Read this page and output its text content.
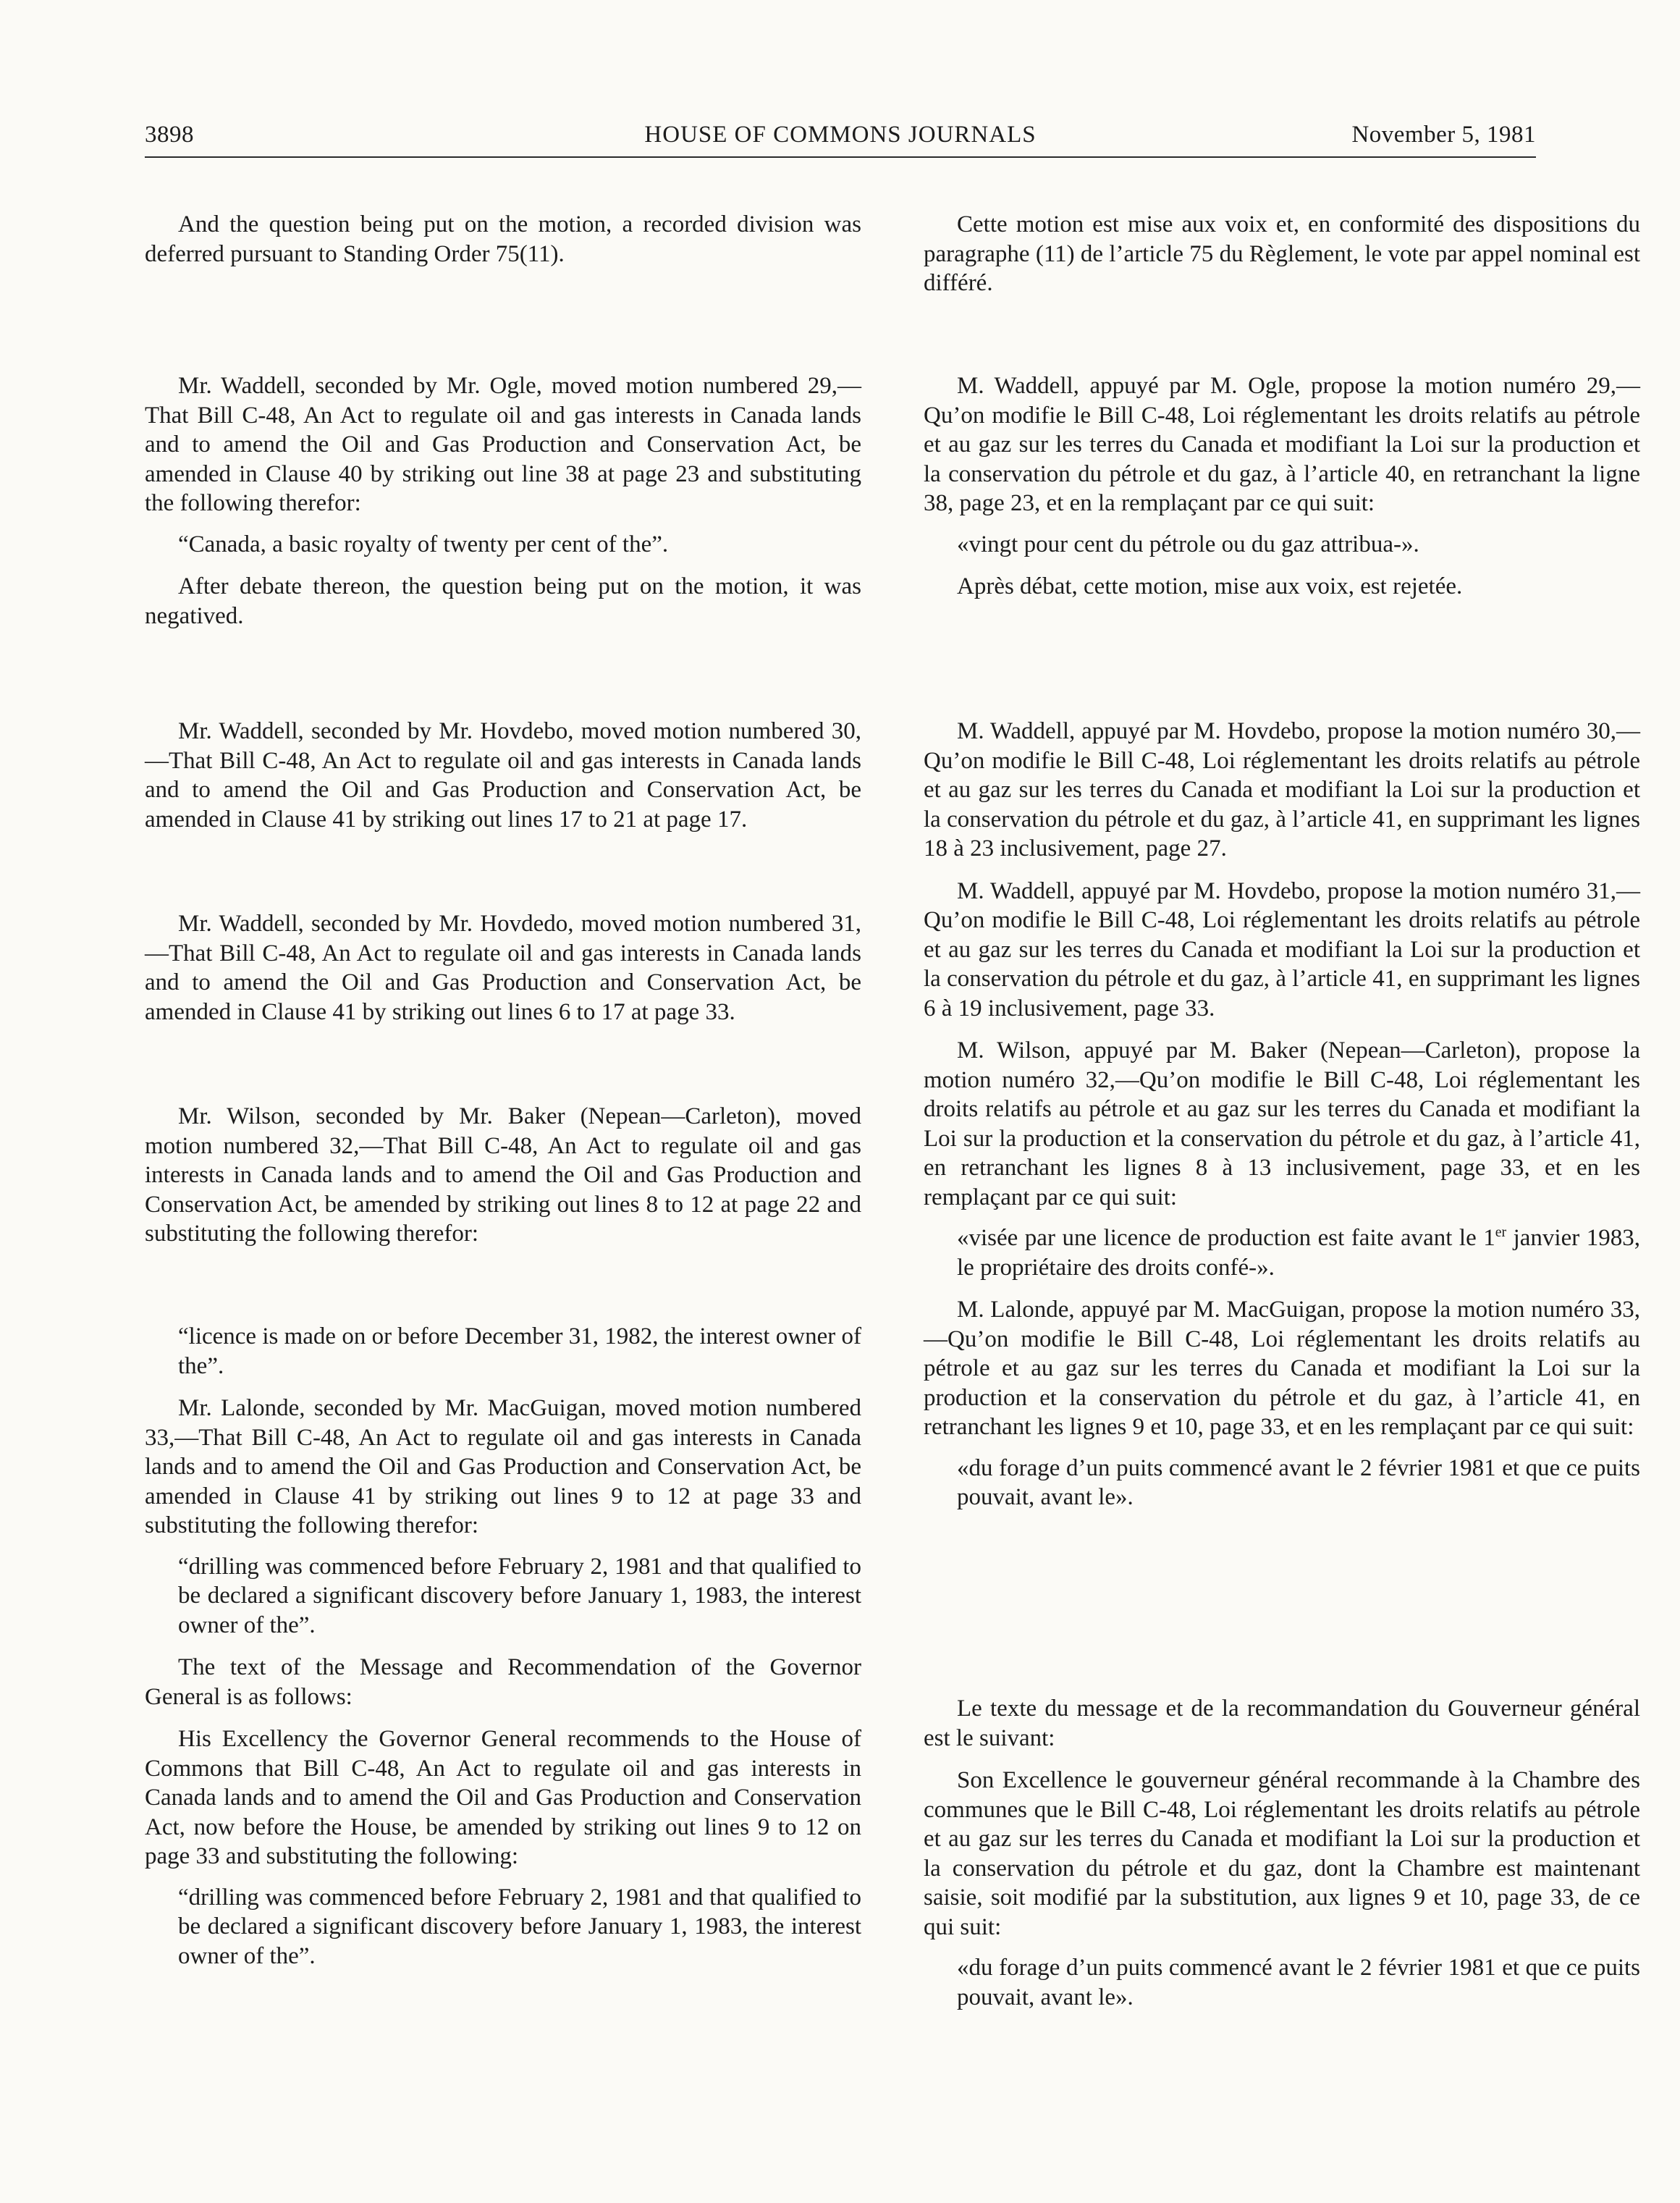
3898	HOUSE OF COMMONS JOURNALS	November 5, 1981

And the question being put on the motion, a recorded division was deferred pursuant to Standing Order 75(11).

Mr. Waddell, seconded by Mr. Ogle, moved motion numbered 29,—That Bill C-48, An Act to regulate oil and gas interests in Canada lands and to amend the Oil and Gas Production and Conservation Act, be amended in Clause 40 by striking out line 38 at page 23 and substituting the following therefor:

“Canada, a basic royalty of twenty per cent of the”.

After debate thereon, the question being put on the motion, it was negatived.

Mr. Waddell, seconded by Mr. Hovdebo, moved motion numbered 30,—That Bill C-48, An Act to regulate oil and gas interests in Canada lands and to amend the Oil and Gas Production and Conservation Act, be amended in Clause 41 by striking out lines 17 to 21 at page 17.

Mr. Waddell, seconded by Mr. Hovdedo, moved motion numbered 31,—That Bill C-48, An Act to regulate oil and gas interests in Canada lands and to amend the Oil and Gas Production and Conservation Act, be amended in Clause 41 by striking out lines 6 to 17 at page 33.

Mr. Wilson, seconded by Mr. Baker (Nepean—Carleton), moved motion numbered 32,—That Bill C-48, An Act to regulate oil and gas interests in Canada lands and to amend the Oil and Gas Production and Conservation Act, be amended by striking out lines 8 to 12 at page 22 and substituting the following therefor:

“licence is made on or before December 31, 1982, the interest owner of the”.

Mr. Lalonde, seconded by Mr. MacGuigan, moved motion numbered 33,—That Bill C-48, An Act to regulate oil and gas interests in Canada lands and to amend the Oil and Gas Production and Conservation Act, be amended in Clause 41 by striking out lines 9 to 12 at page 33 and substituting the following therefor:

“drilling was commenced before February 2, 1981 and that qualified to be declared a significant discovery before January 1, 1983, the interest owner of the”.

The text of the Message and Recommendation of the Governor General is as follows:

His Excellency the Governor General recommends to the House of Commons that Bill C-48, An Act to regulate oil and gas interests in Canada lands and to amend the Oil and Gas Production and Conservation Act, now before the House, be amended by striking out lines 9 to 12 on page 33 and substituting the following:

“drilling was commenced before February 2, 1981 and that qualified to be declared a significant discovery before January 1, 1983, the interest owner of the”.

Cette motion est mise aux voix et, en conformité des dispositions du paragraphe (11) de l’article 75 du Règlement, le vote par appel nominal est différé.

M. Waddell, appuyé par M. Ogle, propose la motion numéro 29,—Qu’on modifie le Bill C-48, Loi réglementant les droits relatifs au pétrole et au gaz sur les terres du Canada et modifiant la Loi sur la production et la conservation du pétrole et du gaz, à l’article 40, en retranchant la ligne 38, page 23, et en la remplaçant par ce qui suit:

«vingt pour cent du pétrole ou du gaz attribua-».

Après débat, cette motion, mise aux voix, est rejetée.

M. Waddell, appuyé par M. Hovdebo, propose la motion numéro 30,—Qu’on modifie le Bill C-48, Loi réglementant les droits relatifs au pétrole et au gaz sur les terres du Canada et modifiant la Loi sur la production et la conservation du pétrole et du gaz, à l’article 41, en supprimant les lignes 18 à 23 inclusivement, page 27.

M. Waddell, appuyé par M. Hovdebo, propose la motion numéro 31,—Qu’on modifie le Bill C-48, Loi réglementant les droits relatifs au pétrole et au gaz sur les terres du Canada et modifiant la Loi sur la production et la conservation du pétrole et du gaz, à l’article 41, en supprimant les lignes 6 à 19 inclusivement, page 33.

M. Wilson, appuyé par M. Baker (Nepean—Carleton), propose la motion numéro 32,—Qu’on modifie le Bill C-48, Loi réglementant les droits relatifs au pétrole et au gaz sur les terres du Canada et modifiant la Loi sur la production et la conservation du pétrole et du gaz, à l’article 41, en retranchant les lignes 8 à 13 inclusivement, page 33, et en les remplaçant par ce qui suit:

«visée par une licence de production est faite avant le 1er janvier 1983, le propriétaire des droits confé-».

M. Lalonde, appuyé par M. MacGuigan, propose la motion numéro 33,—Qu’on modifie le Bill C-48, Loi réglementant les droits relatifs au pétrole et au gaz sur les terres du Canada et modifiant la Loi sur la production et la conservation du pétrole et du gaz, à l’article 41, en retranchant les lignes 9 et 10, page 33, et en les remplaçant par ce qui suit:

«du forage d’un puits commencé avant le 2 février 1981 et que ce puits pouvait, avant le».

Le texte du message et de la recommandation du Gouverneur général est le suivant:

Son Excellence le gouverneur général recommande à la Chambre des communes que le Bill C-48, Loi réglementant les droits relatifs au pétrole et au gaz sur les terres du Canada et modifiant la Loi sur la production et la conservation du pétrole et du gaz, dont la Chambre est maintenant saisie, soit modifié par la substitution, aux lignes 9 et 10, page 33, de ce qui suit:

«du forage d’un puits commencé avant le 2 février 1981 et que ce puits pouvait, avant le».
